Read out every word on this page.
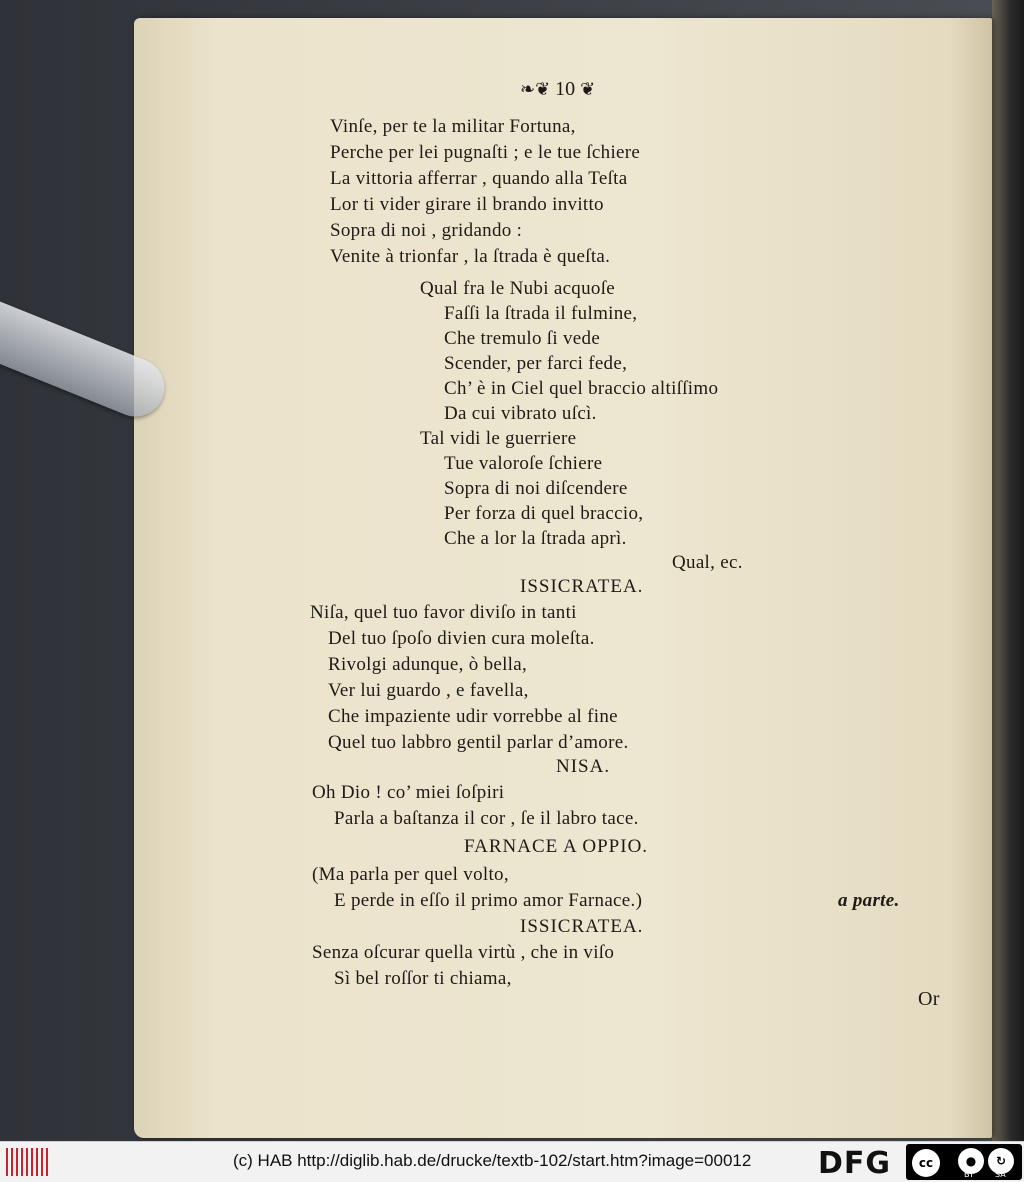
❧❦ 10 ❦
Vinſe, per te la militar Fortuna,
Perche per lei pugnaſti ; e le tue ſchiere
La vittoria afferrar , quando alla Teſta
Lor ti vider girare il brando invitto
Sopra di noi , gridando :
Venite à trionfar , la ſtrada è queſta.
Qual fra le Nubi acquoſe
Faſſi la ſtrada il fulmine,
Che tremulo ſi vede
Scender, per farci fede,
Ch’ è in Ciel quel braccio altiſſimo
Da cui vibrato uſcì.
Tal vidi le guerriere
Tue valoroſe ſchiere
Sopra di noi diſcendere
Per forza di quel braccio,
Che a lor la ſtrada aprì.
Qual, ec.
ISSICRATEA.
Niſa, quel tuo favor diviſo in tanti
Del tuo ſpoſo divien cura moleſta.
Rivolgi adunque, ò bella,
Ver lui guardo , e favella,
Che impaziente udir vorrebbe al fine
Quel tuo labbro gentil parlar d’amore.
NISA.
Oh Dio ! co’ miei ſoſpiri
Parla a baſtanza il cor , ſe il labro tace.
FARNACE A OPPIO.
(Ma parla per quel volto,
E perde in eſſo il primo amor Farnace.)	a parte.
ISSICRATEA.
Senza oſcurar quella virtù , che in viſo
Sì bel roſſor ti chiama,
Or
(c) HAB http://diglib.hab.de/drucke/textb-102/start.htm?image=00012 DFG	cc	●	↻
BY	SA
